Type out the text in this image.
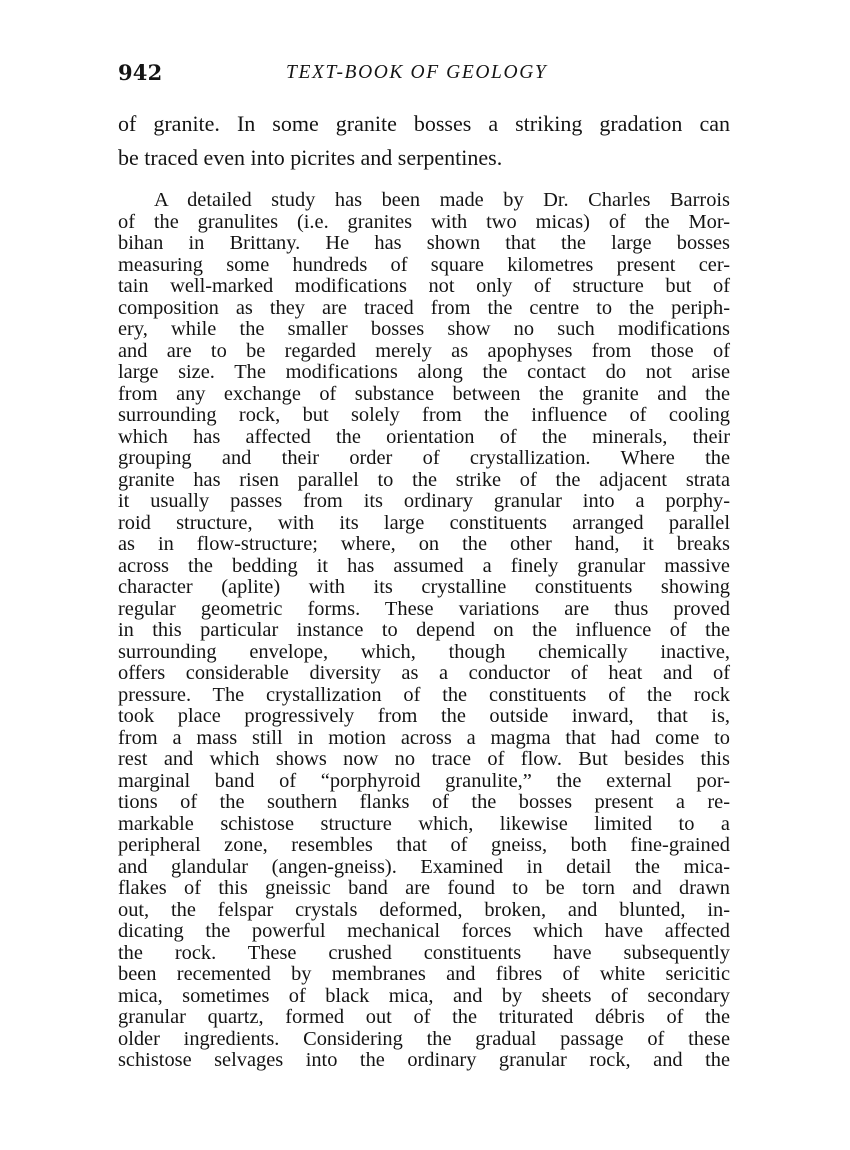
942	TEXT-BOOK OF GEOLOGY
of granite. In some granite bosses a striking gradation can
be traced even into picrites and serpentines.
A detailed study has been made by Dr. Charles Barrois
of the granulites (i.e. granites with two micas) of the Mor-
bihan in Brittany. He has shown that the large bosses
measuring some hundreds of square kilometres present cer-
tain well-marked modifications not only of structure but of
composition as they are traced from the centre to the periph-
ery, while the smaller bosses show no such modifications
and are to be regarded merely as apophyses from those of
large size. The modifications along the contact do not arise
from any exchange of substance between the granite and the
surrounding rock, but solely from the influence of cooling
which has affected the orientation of the minerals, their
grouping and their order of crystallization. Where the
granite has risen parallel to the strike of the adjacent strata
it usually passes from its ordinary granular into a porphy-
roid structure, with its large constituents arranged parallel
as in flow-structure; where, on the other hand, it breaks
across the bedding it has assumed a finely granular massive
character (aplite) with its crystalline constituents showing
regular geometric forms. These variations are thus proved
in this particular instance to depend on the influence of the
surrounding envelope, which, though chemically inactive,
offers considerable diversity as a conductor of heat and of
pressure. The crystallization of the constituents of the rock
took place progressively from the outside inward, that is,
from a mass still in motion across a magma that had come to
rest and which shows now no trace of flow. But besides this
marginal band of “porphyroid granulite,” the external por-
tions of the southern flanks of the bosses present a re-
markable schistose structure which, likewise limited to a
peripheral zone, resembles that of gneiss, both fine-grained
and glandular (angen-gneiss). Examined in detail the mica-
flakes of this gneissic band are found to be torn and drawn
out, the felspar crystals deformed, broken, and blunted, in-
dicating the powerful mechanical forces which have affected
the rock. These crushed constituents have subsequently
been recemented by membranes and fibres of white sericitic
mica, sometimes of black mica, and by sheets of secondary
granular quartz, formed out of the triturated débris of the
older ingredients. Considering the gradual passage of these
schistose selvages into the ordinary granular rock, and the
